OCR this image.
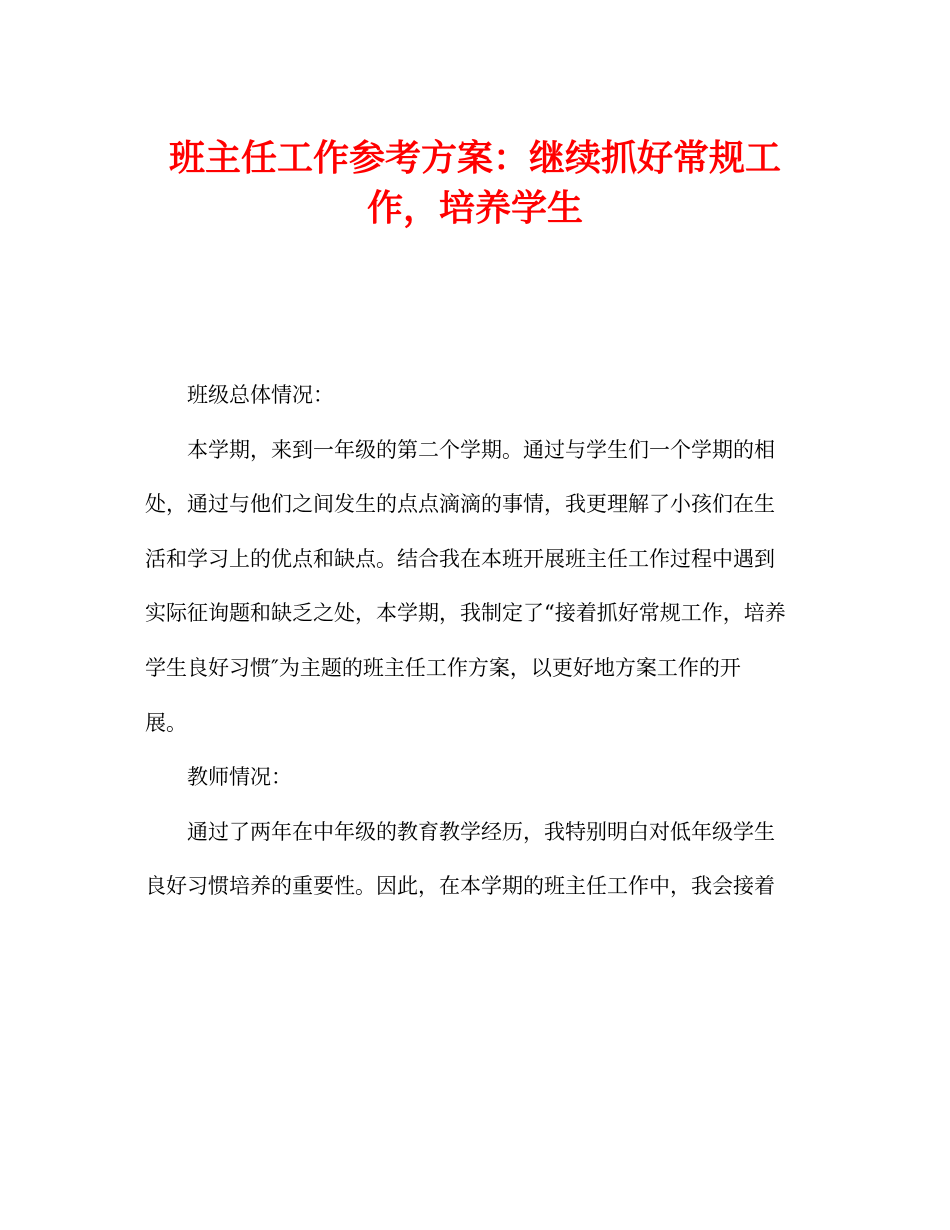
班主任工作参考方案：继续抓好常规工
作，培养学生
班级总体情况：
本学期，来到一年级的第二个学期。通过与学生们一个学期的相
处，通过与他们之间发生的点点滴滴的事情，我更理解了小孩们在生
活和学习上的优点和缺点。结合我在本班开展班主任工作过程中遇到
实际征询题和缺乏之处，本学期，我制定了“接着抓好常规工作，培养
学生良好习惯″为主题的班主任工作方案，以更好地方案工作的开
展。
教师情况：
通过了两年在中年级的教育教学经历，我特别明白对低年级学生
良好习惯培养的重要性。因此，在本学期的班主任工作中，我会接着
